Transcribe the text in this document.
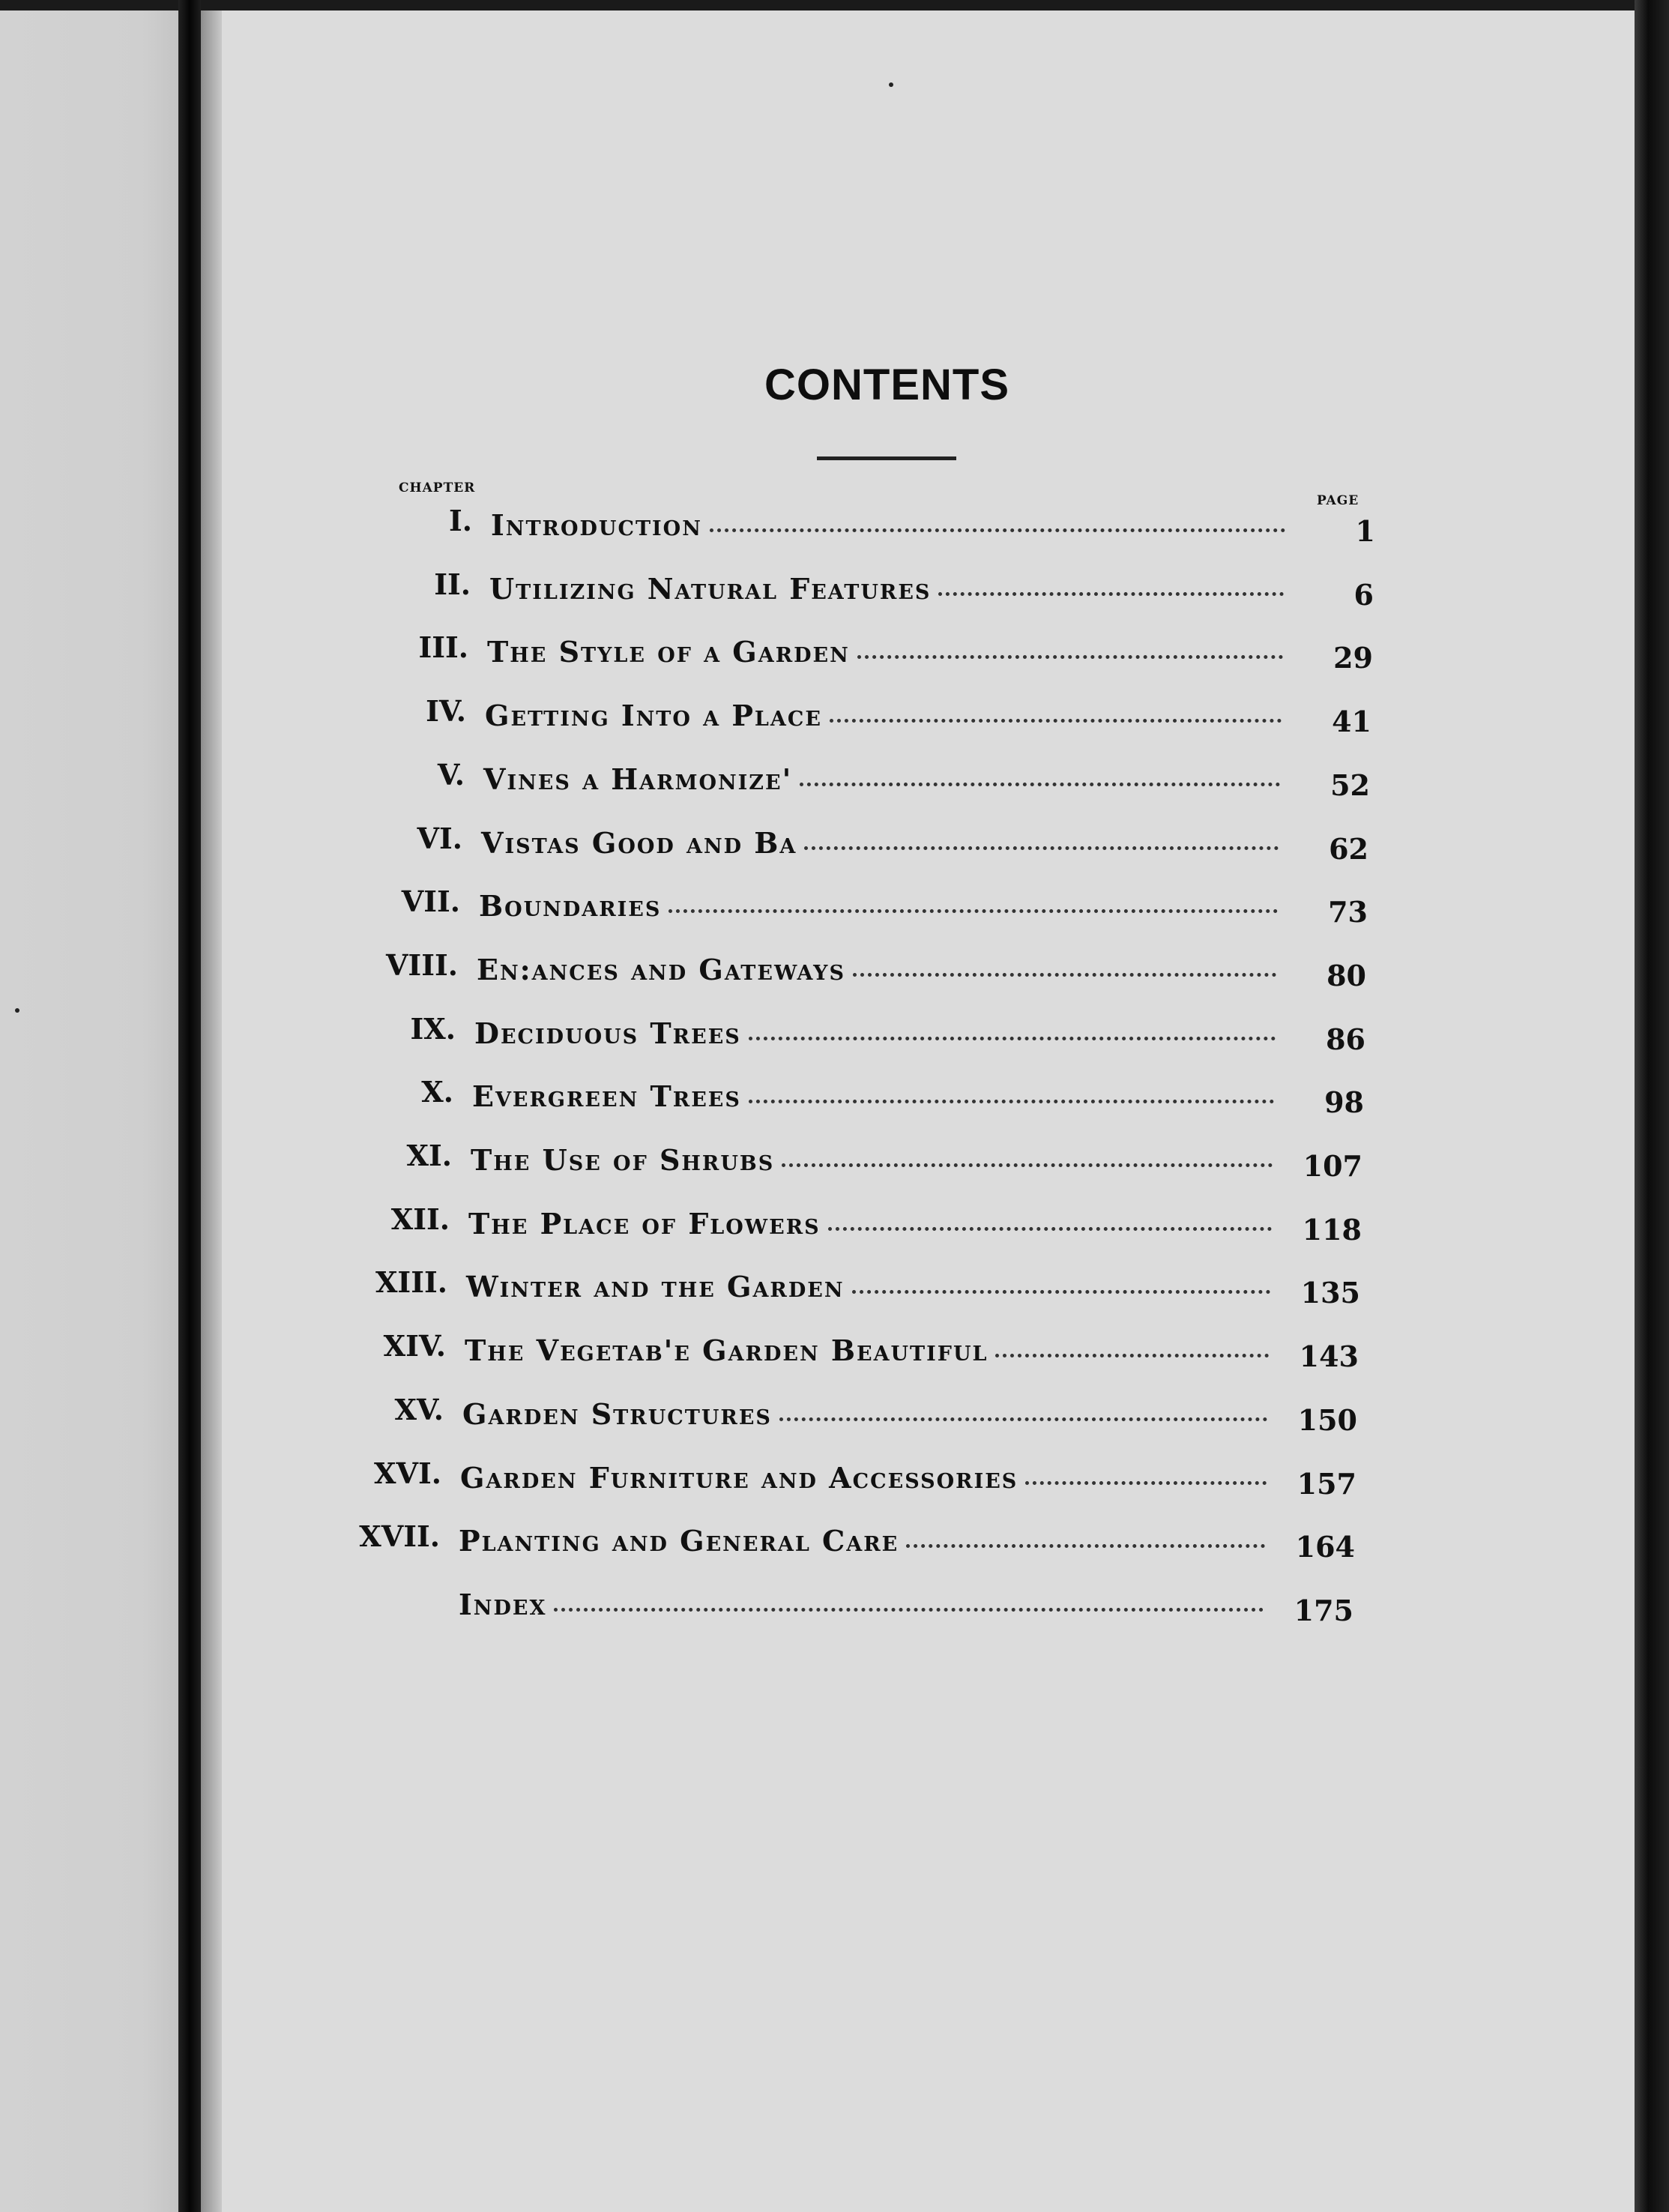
CONTENTS
CHAPTER
PAGE
I. Introduction	1
II. Utilizing Natural Features	6
III. The Style of a Garden	29
IV. Getting Into a Place	41
V. Vines a Harmonize'	52
VI. Vistas Good and Ba	62
VII. Boundaries	73
VIII. En:ances and Gateways	80
IX. Deciduous Trees	86
X. Evergreen Trees	98
XI. The Use of Shrubs	107
XII. The Place of Flowers	118
XIII. Winter and the Garden	135
XIV. The Vegetab'e Garden Beautiful	143
XV. Garden Structures	150
XVI. Garden Furniture and Accessories	157
XVII. Planting and General Care	164
Index	175
